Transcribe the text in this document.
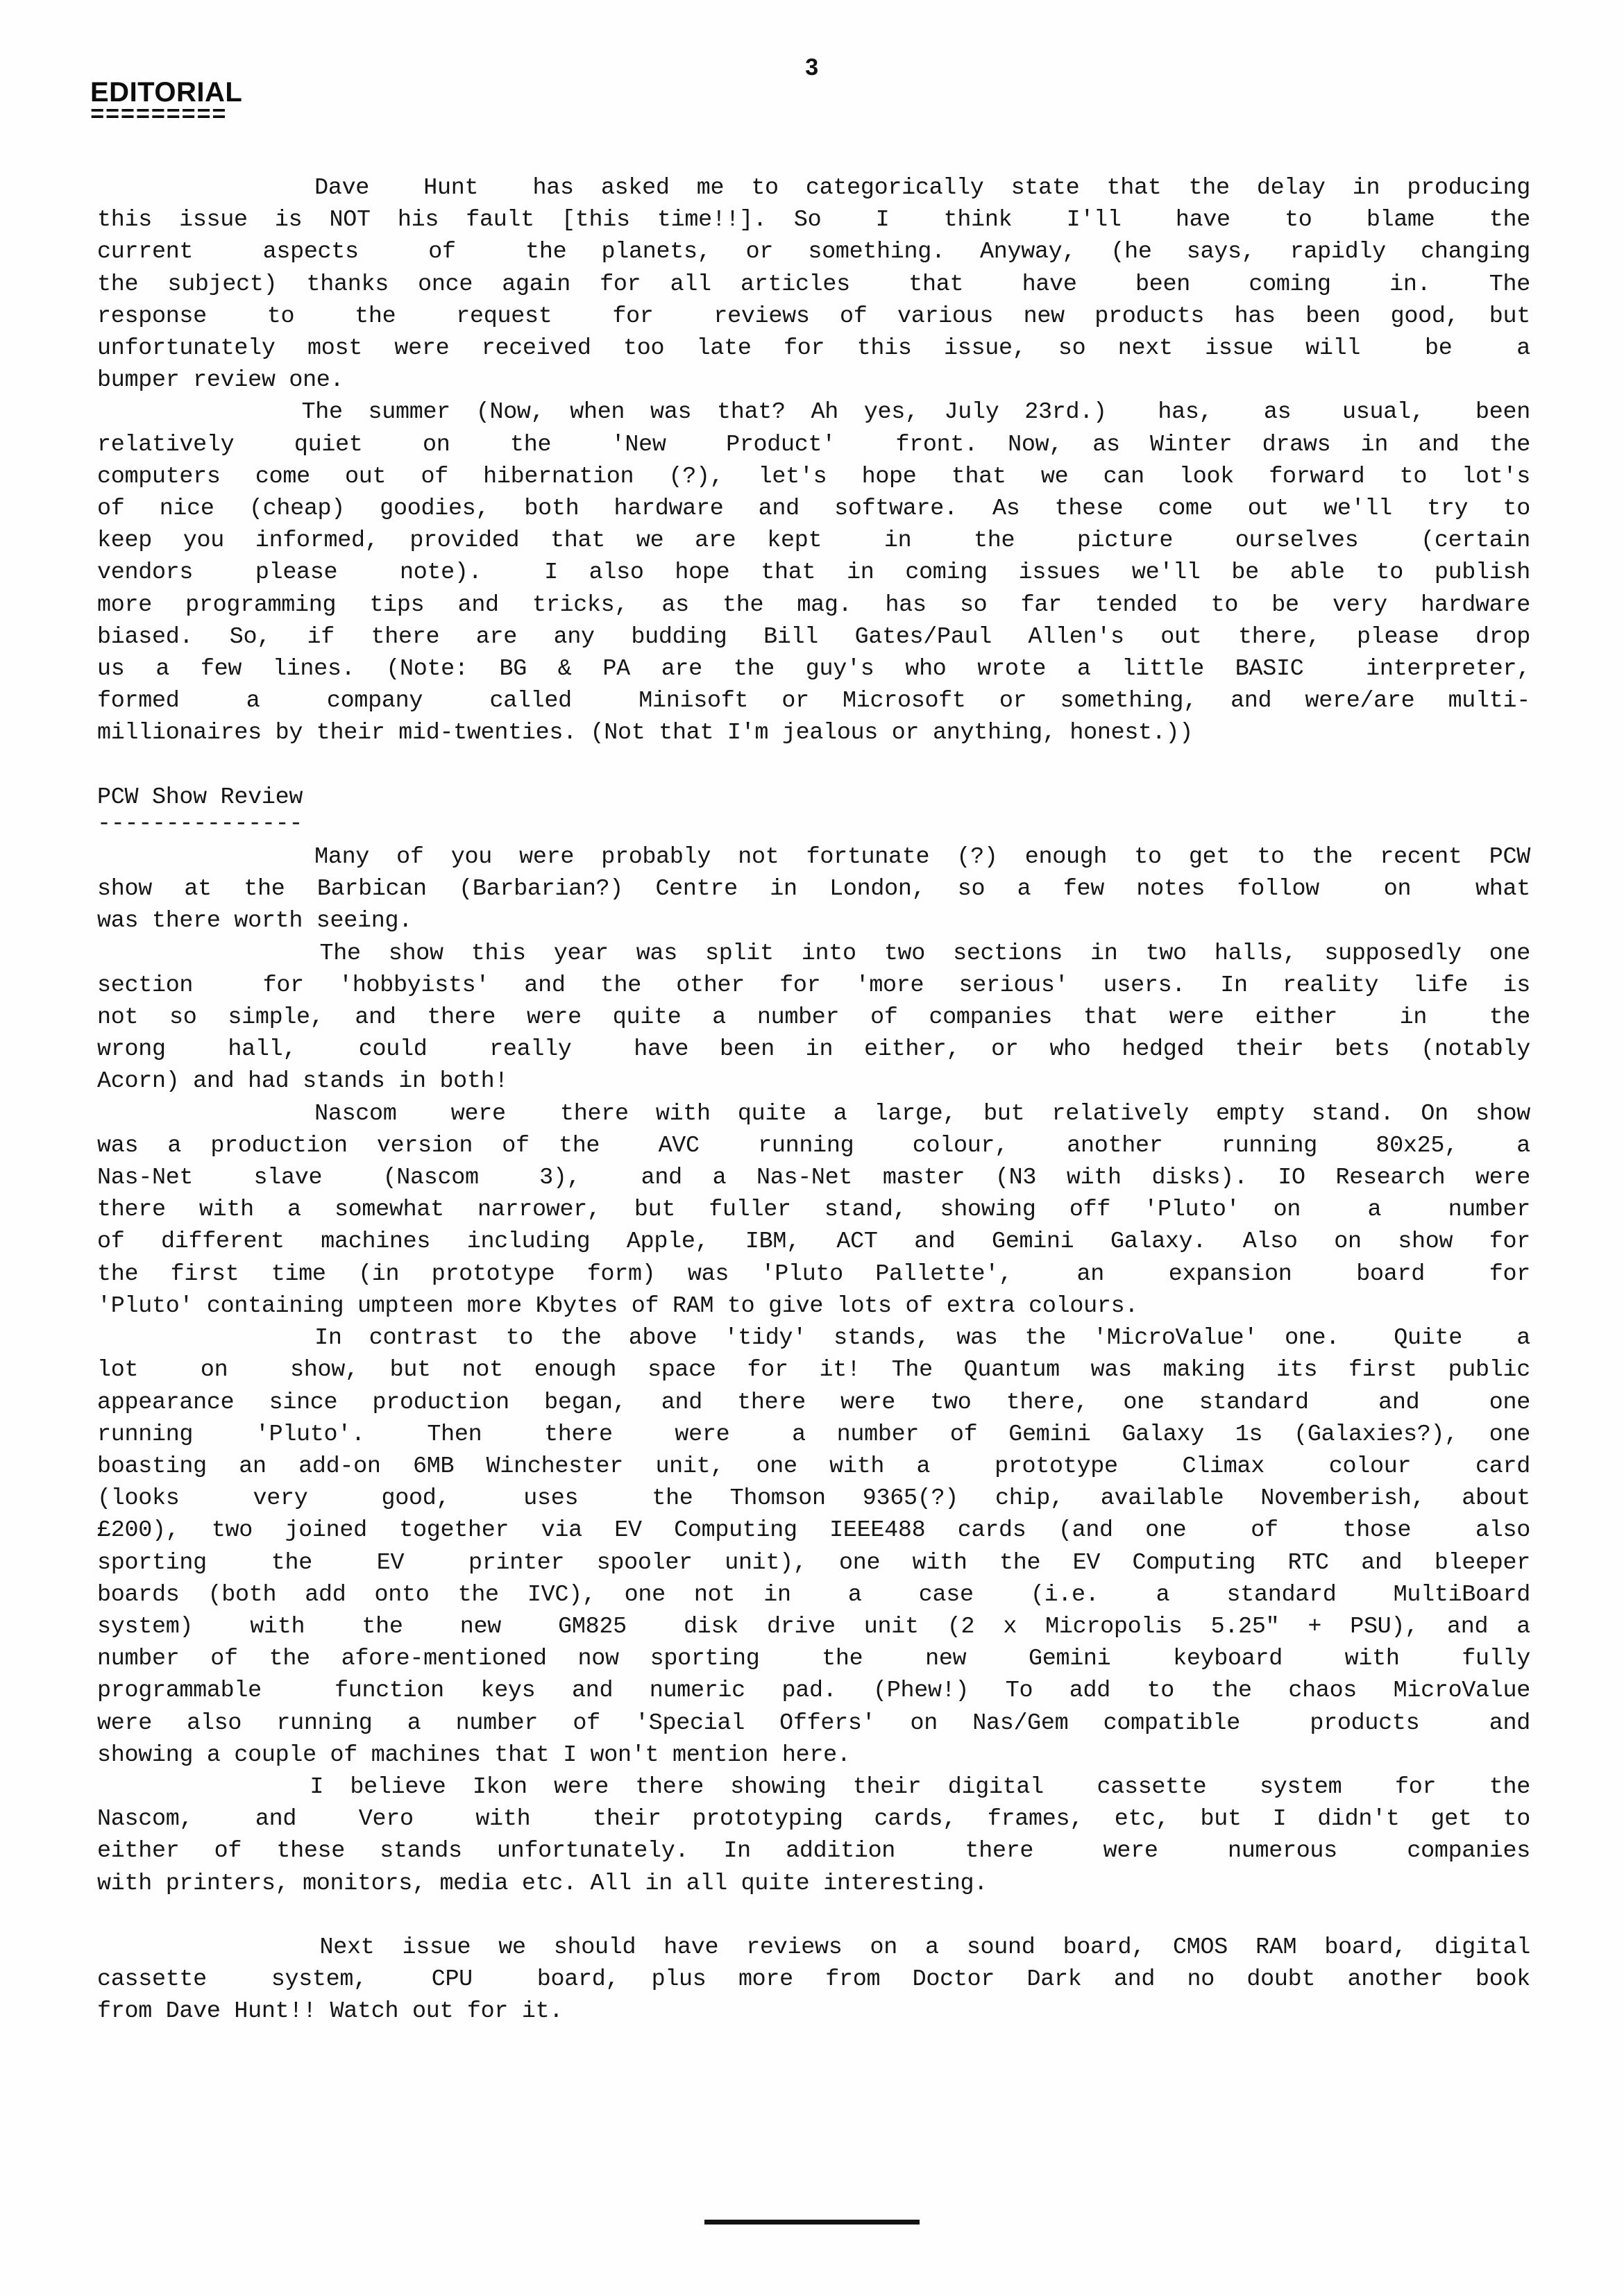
3
EDITORIAL
=========
Dave  Hunt  has asked me to categorically state that the delay in producing
this issue is NOT his fault [this time!!]. So  I  think  I'll  have  to  blame  the
current  aspects  of  the planets, or something. Anyway, (he says, rapidly changing
the subject) thanks once again for all articles  that  have  been  coming  in.  The
response  to  the  request  for  reviews of various new products has been good, but
unfortunately most were received too late for this issue, so next issue will  be  a
bumper review one.
The summer (Now, when was that? Ah yes, July 23rd.)  has,  as  usual,  been
relatively  quiet  on  the  'New  Product'  front. Now, as Winter draws in and the
computers come out of hibernation (?), let's hope that we can look forward to lot's
of nice (cheap) goodies, both hardware and software. As these come out we'll try to
keep you informed, provided that we are kept  in  the  picture  ourselves  (certain
vendors  please  note).  I also hope that in coming issues we'll be able to publish
more programming tips and tricks, as the mag. has so far tended to be very hardware
biased. So, if there are any budding Bill Gates/Paul Allen's out there, please drop
us a few lines. (Note: BG & PA are the guy's who wrote a little BASIC  interpreter,
formed  a  company  called  Minisoft or Microsoft or something, and were/are multi-
millionaires by their mid-twenties. (Not that I'm jealous or anything, honest.))
PCW Show Review
---------------
Many of you were probably not fortunate (?) enough to get to the recent PCW
show at the Barbican (Barbarian?) Centre in London, so a few notes follow  on  what
was there worth seeing.
The show this year was split into two sections in two halls, supposedly one
section  for 'hobbyists' and the other for 'more serious' users. In reality life is
not so simple, and there were quite a number of companies that were either  in  the
wrong  hall,  could  really  have been in either, or who hedged their bets (notably
Acorn) and had stands in both!
Nascom  were  there with quite a large, but relatively empty stand. On show
was a production version of the  AVC  running  colour,  another  running  80x25,  a
Nas-Net  slave  (Nascom  3),  and a Nas-Net master (N3 with disks). IO Research were
there with a somewhat narrower, but fuller stand, showing off 'Pluto' on  a  number
of different machines including Apple, IBM, ACT and Gemini Galaxy. Also on show for
the first time (in prototype form) was 'Pluto Pallette',  an  expansion  board  for
'Pluto' containing umpteen more Kbytes of RAM to give lots of extra colours.
In contrast to the above 'tidy' stands, was the 'MicroValue' one.  Quite  a
lot  on  show, but not enough space for it! The Quantum was making its first public
appearance since production began, and there were two there, one standard  and  one
running  'Pluto'.  Then  there  were  a number of Gemini Galaxy 1s (Galaxies?), one
boasting an add-on 6MB Winchester unit, one with a  prototype  Climax  colour  card
(looks  very  good,  uses  the Thomson 9365(?) chip, available Novemberish, about
£200), two joined together via EV Computing IEEE488 cards (and one  of  those  also
sporting  the  EV  printer spooler unit), one with the EV Computing RTC and bleeper
boards (both add onto the IVC), one not in  a  case  (i.e.  a  standard  MultiBoard
system)  with  the  new  GM825  disk drive unit (2 x Micropolis 5.25" + PSU), and a
number of the afore-mentioned now sporting  the  new  Gemini  keyboard  with  fully
programmable  function keys and numeric pad. (Phew!) To add to the chaos MicroValue
were also running a number of 'Special Offers' on Nas/Gem compatible  products  and
showing a couple of machines that I won't mention here.
I believe Ikon were there showing their digital  cassette  system  for  the
Nascom,  and  Vero  with  their prototyping cards, frames, etc, but I didn't get to
either of these stands unfortunately. In addition  there  were  numerous  companies
with printers, monitors, media etc. All in all quite interesting.
Next issue we should have reviews on a sound board, CMOS RAM board, digital
cassette  system,  CPU  board, plus more from Doctor Dark and no doubt another book
from Dave Hunt!! Watch out for it.
